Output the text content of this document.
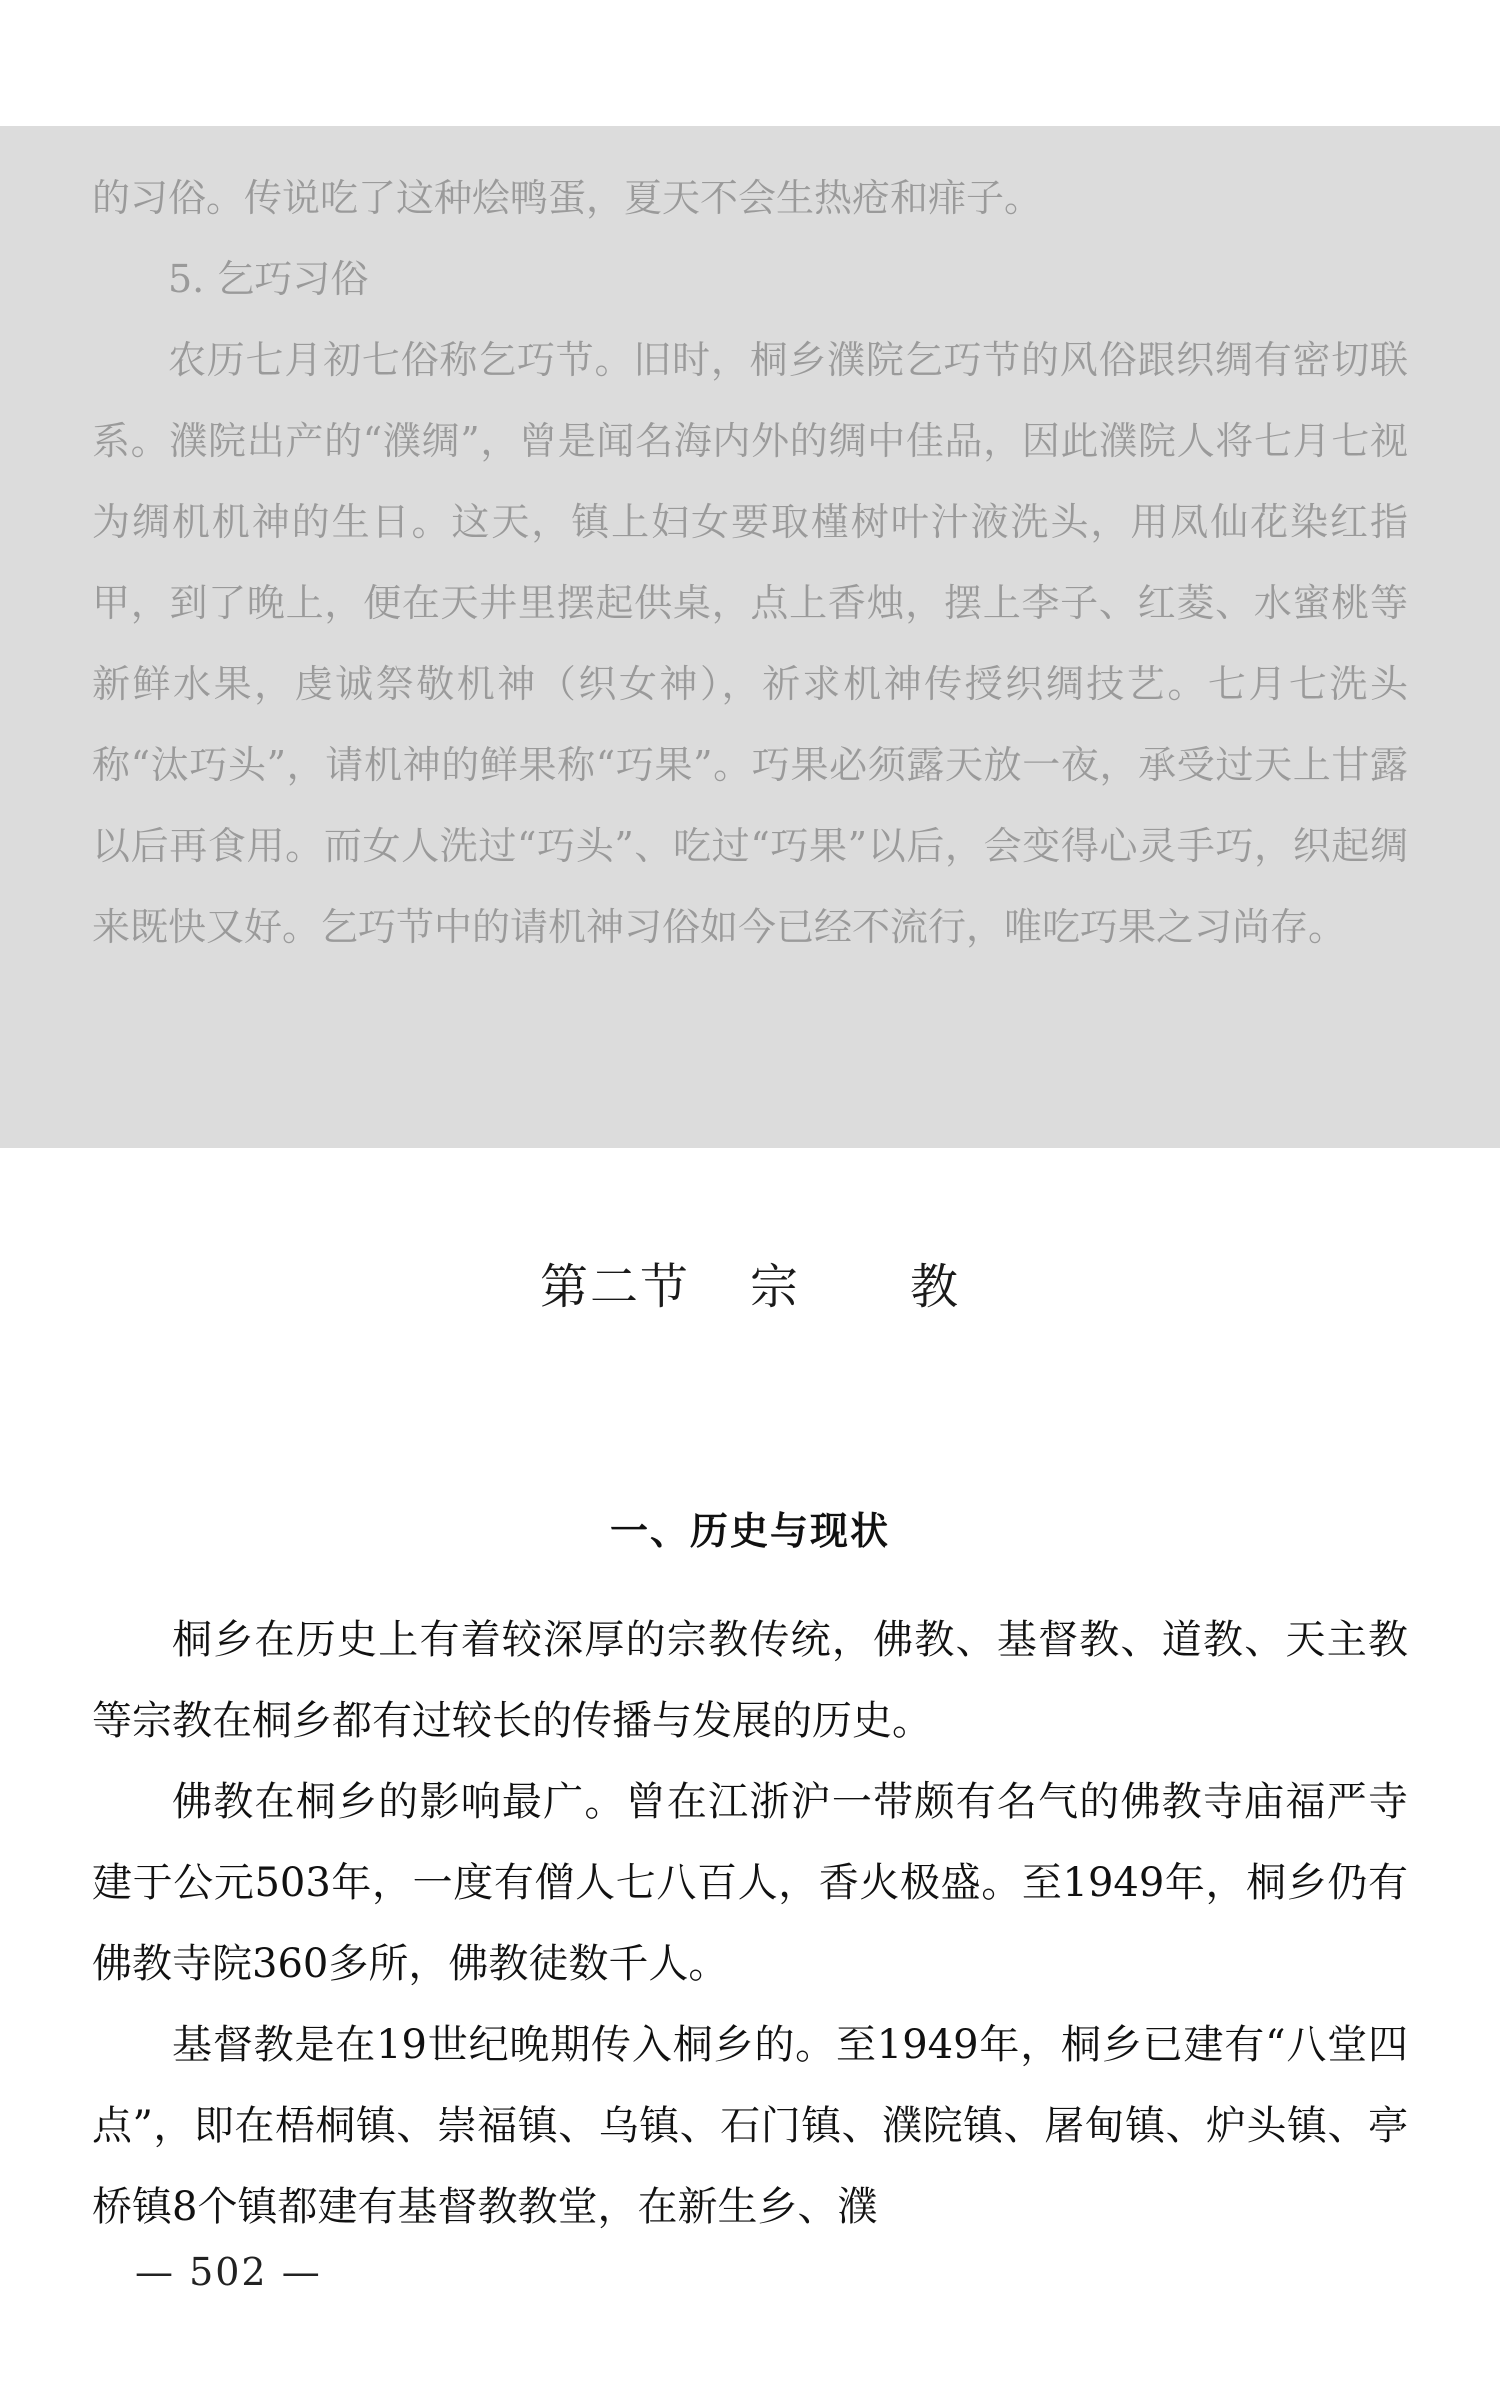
的习俗。传说吃了这种烩鸭蛋，夏天不会生热疮和痱子。

5. 乞巧习俗

农历七月初七俗称乞巧节。旧时，桐乡濮院乞巧节的风俗跟织绸有密切联系。濮院出产的“濮绸”，曾是闻名海内外的绸中佳品，因此濮院人将七月七视为绸机机神的生日。这天，镇上妇女要取槿树叶汁液洗头，用凤仙花染红指甲，到了晚上，便在天井里摆起供桌，点上香烛，摆上李子、红菱、水蜜桃等新鲜水果，虔诚祭敬机神（织女神），祈求机神传授织绸技艺。七月七洗头称“汰巧头”，请机神的鲜果称“巧果”。巧果必须露天放一夜，承受过天上甘露以后再食用。而女人洗过“巧头”、吃过“巧果”以后，会变得心灵手巧，织起绸来既快又好。乞巧节中的请机神习俗如今已经不流行，唯吃巧果之习尚存。

第二节 宗 教
一、历史与现状

桐乡在历史上有着较深厚的宗教传统，佛教、基督教、道教、天主教等宗教在桐乡都有过较长的传播与发展的历史。

佛教在桐乡的影响最广。曾在江浙沪一带颇有名气的佛教寺庙福严寺建于公元503年，一度有僧人七八百人，香火极盛。至1949年，桐乡仍有佛教寺院360多所，佛教徒数千人。

基督教是在19世纪晚期传入桐乡的。至1949年，桐乡已建有“八堂四点”，即在梧桐镇、崇福镇、乌镇、石门镇、濮院镇、屠甸镇、炉头镇、亭桥镇8个镇都建有基督教教堂，在新生乡、濮

— 502 —
